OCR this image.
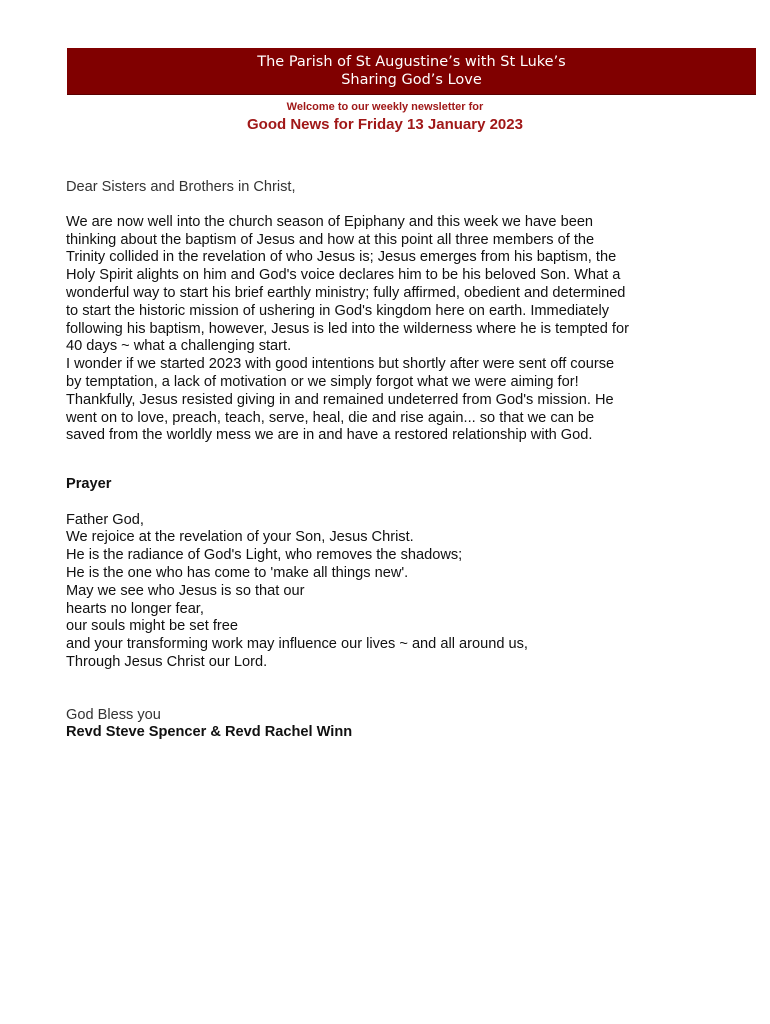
The Parish of St Augustine’s with St Luke’s
Sharing God’s Love
Welcome to our weekly newsletter for
Good News for Friday 13 January 2023
Dear Sisters and Brothers in Christ,
We are now well into the church season of Epiphany and this week we have been
thinking about the baptism of Jesus and how at this point all three members of the
Trinity collided in the revelation of who Jesus is; Jesus emerges from his baptism, the
Holy Spirit alights on him and God's voice declares him to be his beloved Son. What a
wonderful way to start his brief earthly ministry; fully affirmed, obedient and determined
to start the historic mission of ushering in God's kingdom here on earth. Immediately
following his baptism, however, Jesus is led into the wilderness where he is tempted for
40 days ~ what a challenging start.
I wonder if we started 2023 with good intentions but shortly after were sent off course
by temptation, a lack of motivation or we simply forgot what we were aiming for!
Thankfully, Jesus resisted giving in and remained undeterred from God's mission. He
went on to love, preach, teach, serve, heal, die and rise again... so that we can be
saved from the worldly mess we are in and have a restored relationship with God.

Prayer

Father God,
We rejoice at the revelation of your Son, Jesus Christ.
He is the radiance of God's Light, who removes the shadows;
He is the one who has come to 'make all things new'.
May we see who Jesus is so that our
hearts no longer fear,
our souls might be set free
and your transforming work may influence our lives ~ and all around us,
Through Jesus Christ our Lord.

God Bless you
Revd Steve Spencer & Revd Rachel Winn
